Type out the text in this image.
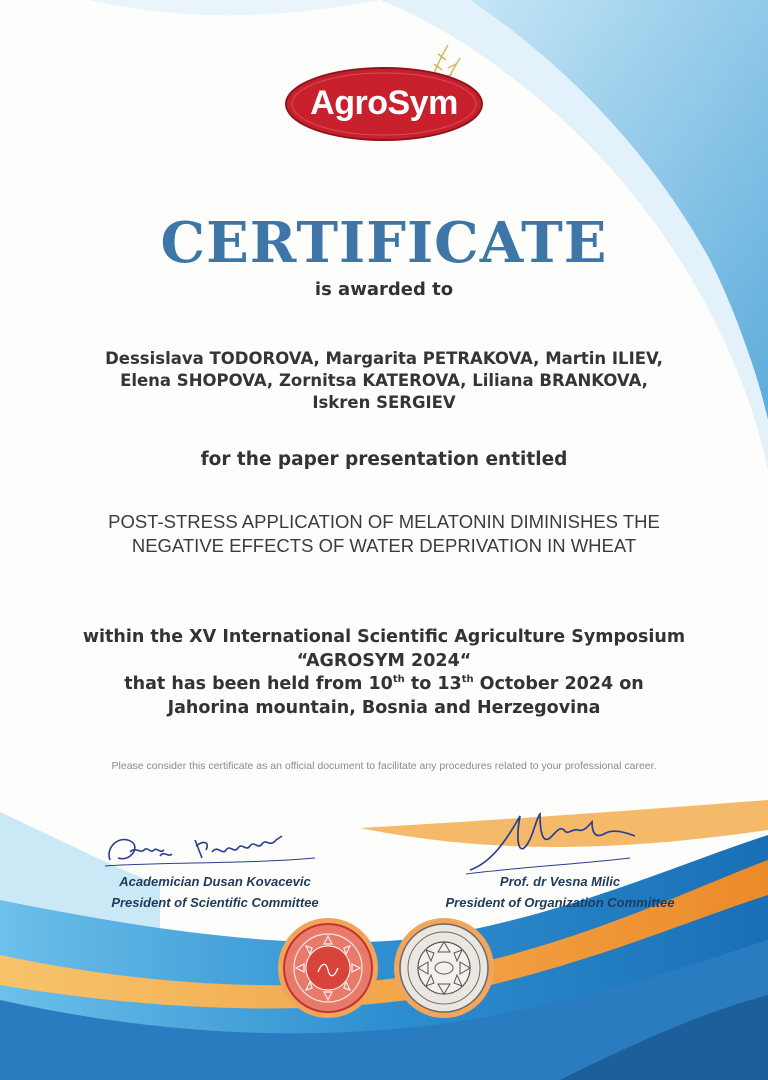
AgroSym
CERTIFICATE
is awarded to
Dessislava TODOROVA, Margarita PETRAKOVA, Martin ILIEV,
Elena SHOPOVA, Zornitsa KATEROVA, Liliana BRANKOVA,
Iskren SERGIEV
for the paper presentation entitled
POST-STRESS APPLICATION OF MELATONIN DIMINISHES THE
NEGATIVE EFFECTS OF WATER DEPRIVATION IN WHEAT
within the XV International Scientific Agriculture Symposium
“AGROSYM 2024“
that has been held from 10th to 13th October 2024 on
Jahorina mountain, Bosnia and Herzegovina
Please consider this certificate as an official document to facilitate any procedures related to your professional career.
Academician Dusan Kovacevic
President of Scientific Committee
Prof. dr Vesna Milic
President of Organization Committee
